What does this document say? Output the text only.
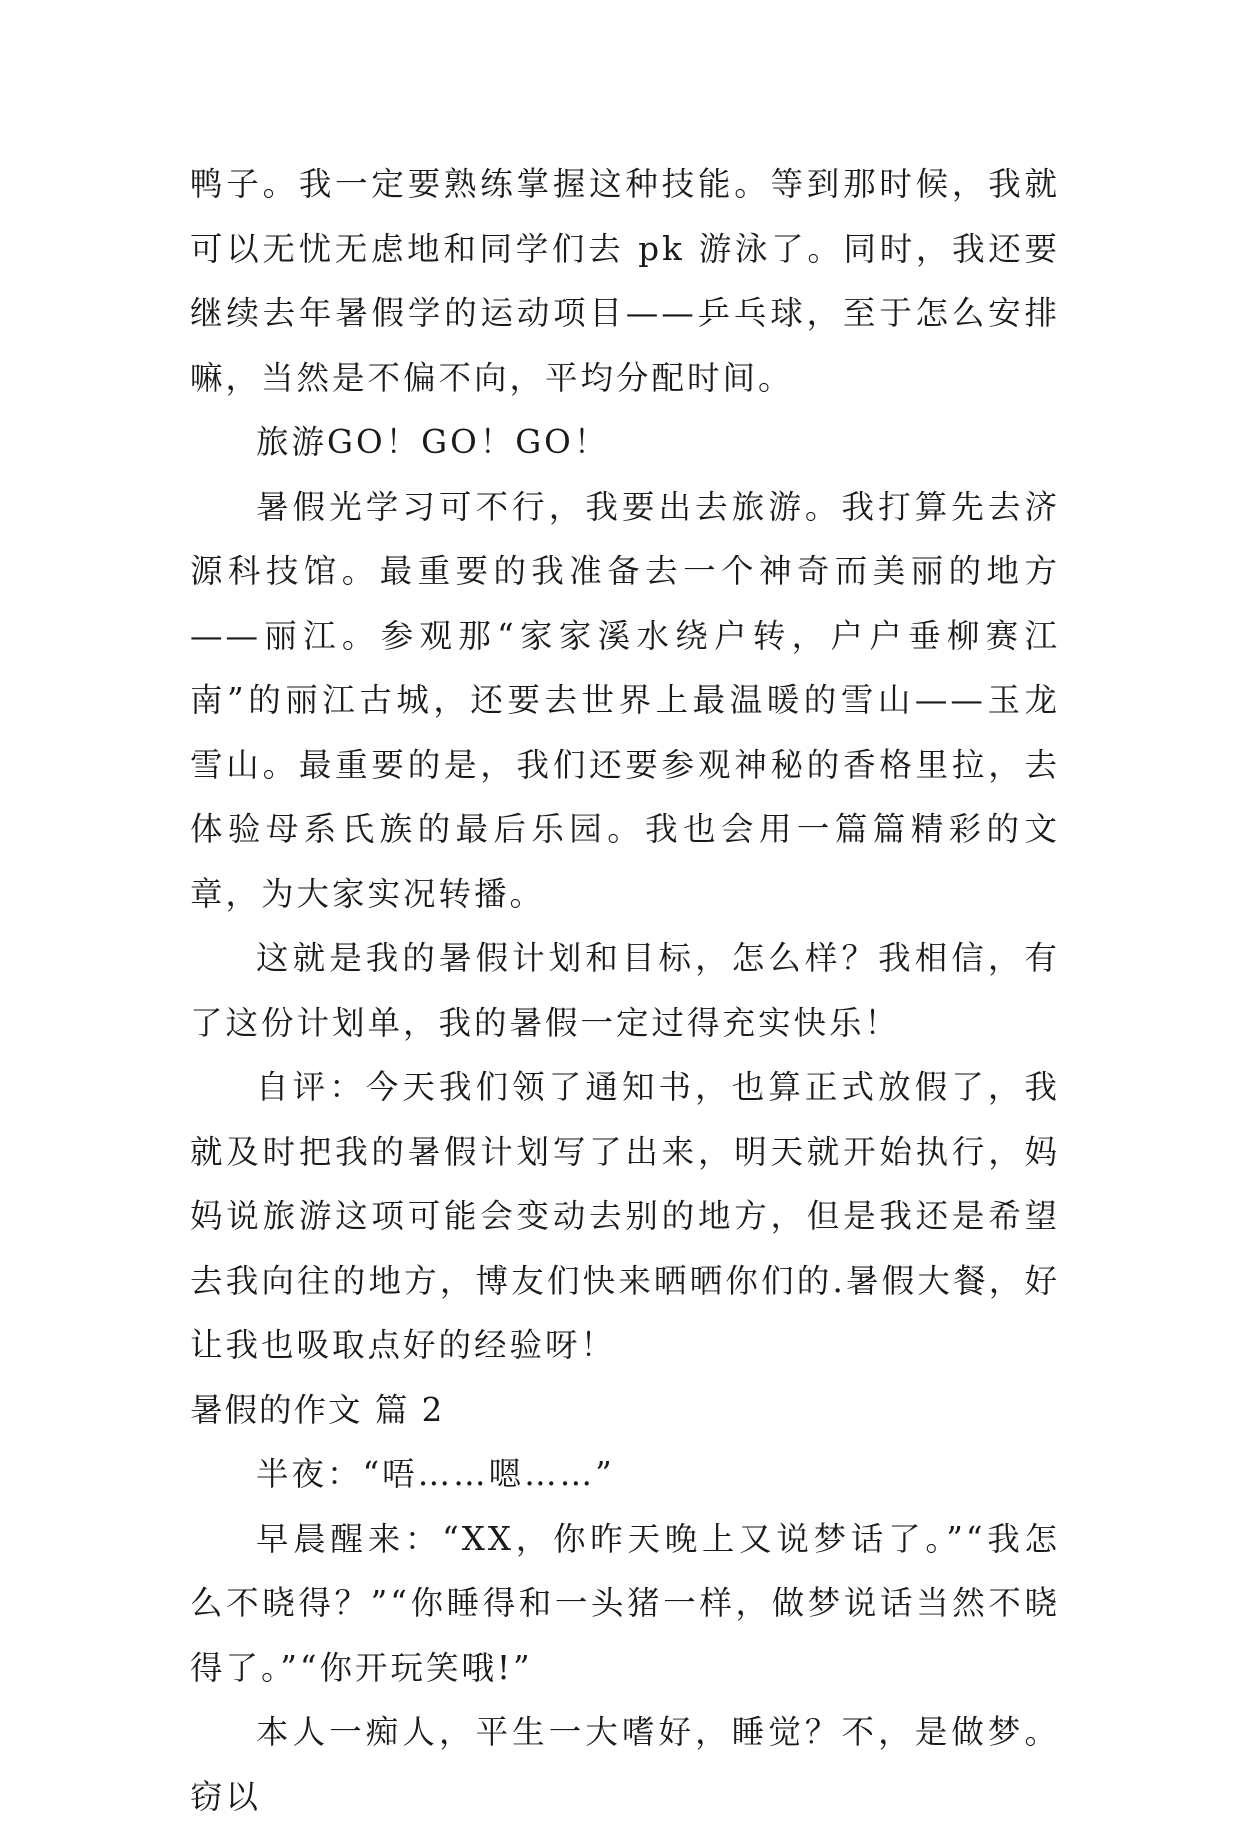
鸭子。我一定要熟练掌握这种技能。等到那时候，我就可以无忧无虑地和同学们去 pk 游泳了。同时，我还要继续去年暑假学的运动项目——乒乓球，至于怎么安排嘛，当然是不偏不向，平均分配时间。

旅游GO！GO！GO！

暑假光学习可不行，我要出去旅游。我打算先去济源科技馆。最重要的我准备去一个神奇而美丽的地方——丽江。参观那“家家溪水绕户转，户户垂柳赛江南”的丽江古城，还要去世界上最温暖的雪山——玉龙雪山。最重要的是，我们还要参观神秘的香格里拉，去体验母系氏族的最后乐园。我也会用一篇篇精彩的文章，为大家实况转播。

这就是我的暑假计划和目标，怎么样？我相信，有了这份计划单，我的暑假一定过得充实快乐！

自评：今天我们领了通知书，也算正式放假了，我就及时把我的暑假计划写了出来，明天就开始执行，妈妈说旅游这项可能会变动去别的地方，但是我还是希望去我向往的地方，博友们快来晒晒你们的.暑假大餐，好让我也吸取点好的经验呀！

暑假的作文 篇 2

半夜：“唔……嗯……”

早晨醒来：“XX，你昨天晚上又说梦话了。”“我怎么不晓得？”“你睡得和一头猪一样，做梦说话当然不晓得了。”“你开玩笑哦!”

本人一痴人，平生一大嗜好，睡觉？不，是做梦。窃以
